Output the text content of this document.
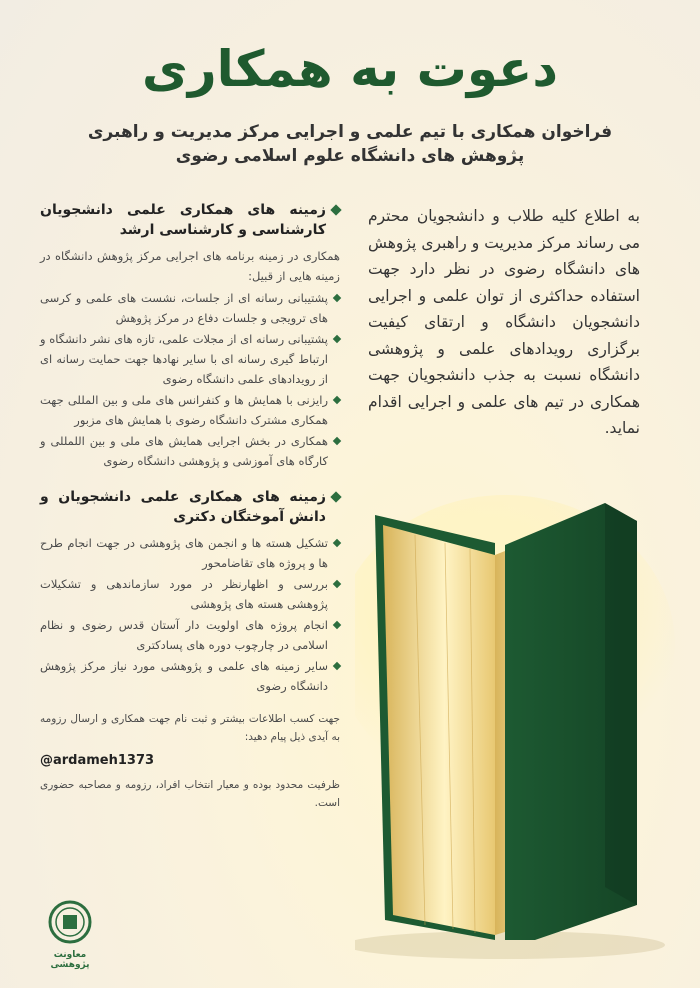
دعوت به همکاری
فراخوان همکاری با تیم علمی و اجرایی مرکز مدیریت و راهبری پژوهش های دانشگاه علوم اسلامی رضوی
به اطلاع کلیه طلاب و دانشجویان محترم می رساند مرکز مدیریت و راهبری پژوهش های دانشگاه رضوی در نظر دارد جهت استفاده حداکثری از توان علمی و اجرایی دانشجویان دانشگاه و ارتقای کیفیت برگزاری رویدادهای علمی و پژوهشی دانشگاه نسبت به جذب دانشجویان جهت همکاری در تیم های علمی و اجرایی اقدام نماید.
زمینه های همکاری علمی دانشجویان کارشناسی و کارشناسی ارشد
همکاری در زمینه برنامه های اجرایی مرکز پژوهش دانشگاه در زمینه هایی از قبیل:
پشتیبانی رسانه ای از جلسات، نشست های علمی و کرسی های ترویجی و جلسات دفاع در مرکز پژوهش
پشتیبانی رسانه ای از مجلات علمی، تازه های نشر دانشگاه و ارتباط گیری رسانه ای با سایر نهادها جهت حمایت رسانه ای از رویدادهای علمی دانشگاه رضوی
رایزنی با همایش ها و کنفرانس های ملی و بین المللی جهت همکاری مشترک دانشگاه رضوی با همایش های مزبور
همکاری در بخش اجرایی همایش های ملی و بین اللمللی و کارگاه های آموزشی و پژوهشی دانشگاه رضوی
زمینه های همکاری علمی دانشجویان و دانش آموختگان دکتری
تشکیل هسته ها و انجمن های پژوهشی در جهت انجام طرح ها و پروژه های تقاضامحور
بررسی و اظهارنظر در مورد سازماندهی و تشکیلات پژوهشی هسته های پژوهشی
انجام پروژه های اولویت دار آستان قدس رضوی و نظام اسلامی در چارچوب دوره های پسادکتری
سایر زمینه های علمی و پژوهشی مورد نیاز مرکز پژوهش دانشگاه رضوی
جهت کسب اطلاعات بیشتر و ثبت نام جهت همکاری و ارسال رزومه به آیدی ذیل پیام دهید:
@ardameh1373
ظرفیت محدود بوده و معیار انتخاب افراد، رزومه و مصاحبه حضوری است.
معاونت پژوهشی
